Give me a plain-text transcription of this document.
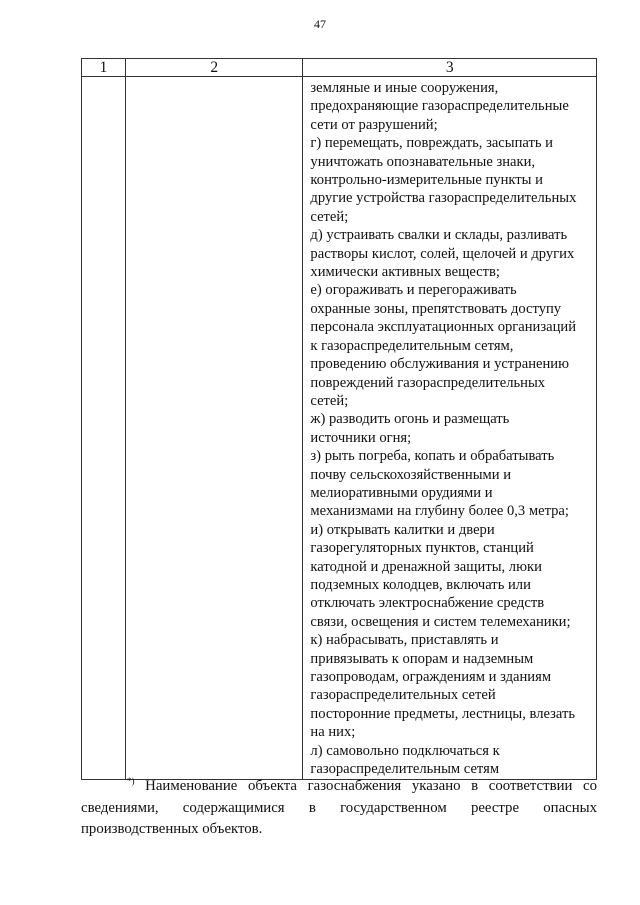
47
1	2	3

земляные и иные сооружения,
предохраняющие газораспределительные
сети от разрушений;
г) перемещать, повреждать, засыпать и
уничтожать опознавательные знаки,
контрольно-измерительные пункты и
другие устройства газораспределительных
сетей;
д) устраивать свалки и склады, разливать
растворы кислот, солей, щелочей и других
химически активных веществ;
е) огораживать и перегораживать
охранные зоны, препятствовать доступу
персонала эксплуатационных организаций
к газораспределительным сетям,
проведению обслуживания и устранению
повреждений газораспределительных
сетей;
ж) разводить огонь и размещать
источники огня;
з) рыть погреба, копать и обрабатывать
почву сельскохозяйственными и
мелиоративными орудиями и
механизмами на глубину более 0,3 метра;
и) открывать калитки и двери
газорегуляторных пунктов, станций
катодной и дренажной защиты, люки
подземных колодцев, включать или
отключать электроснабжение средств
связи, освещения и систем телемеханики;
к) набрасывать, приставлять и
привязывать к опорам и надземным
газопроводам, ограждениям и зданиям
газораспределительных сетей
посторонние предметы, лестницы, влезать
на них;
л) самовольно подключаться к
газораспределительным сетям
*) Наименование объекта газоснабжения указано в соответствии со
сведениями, содержащимися в государственном реестре опасных
производственных объектов.
